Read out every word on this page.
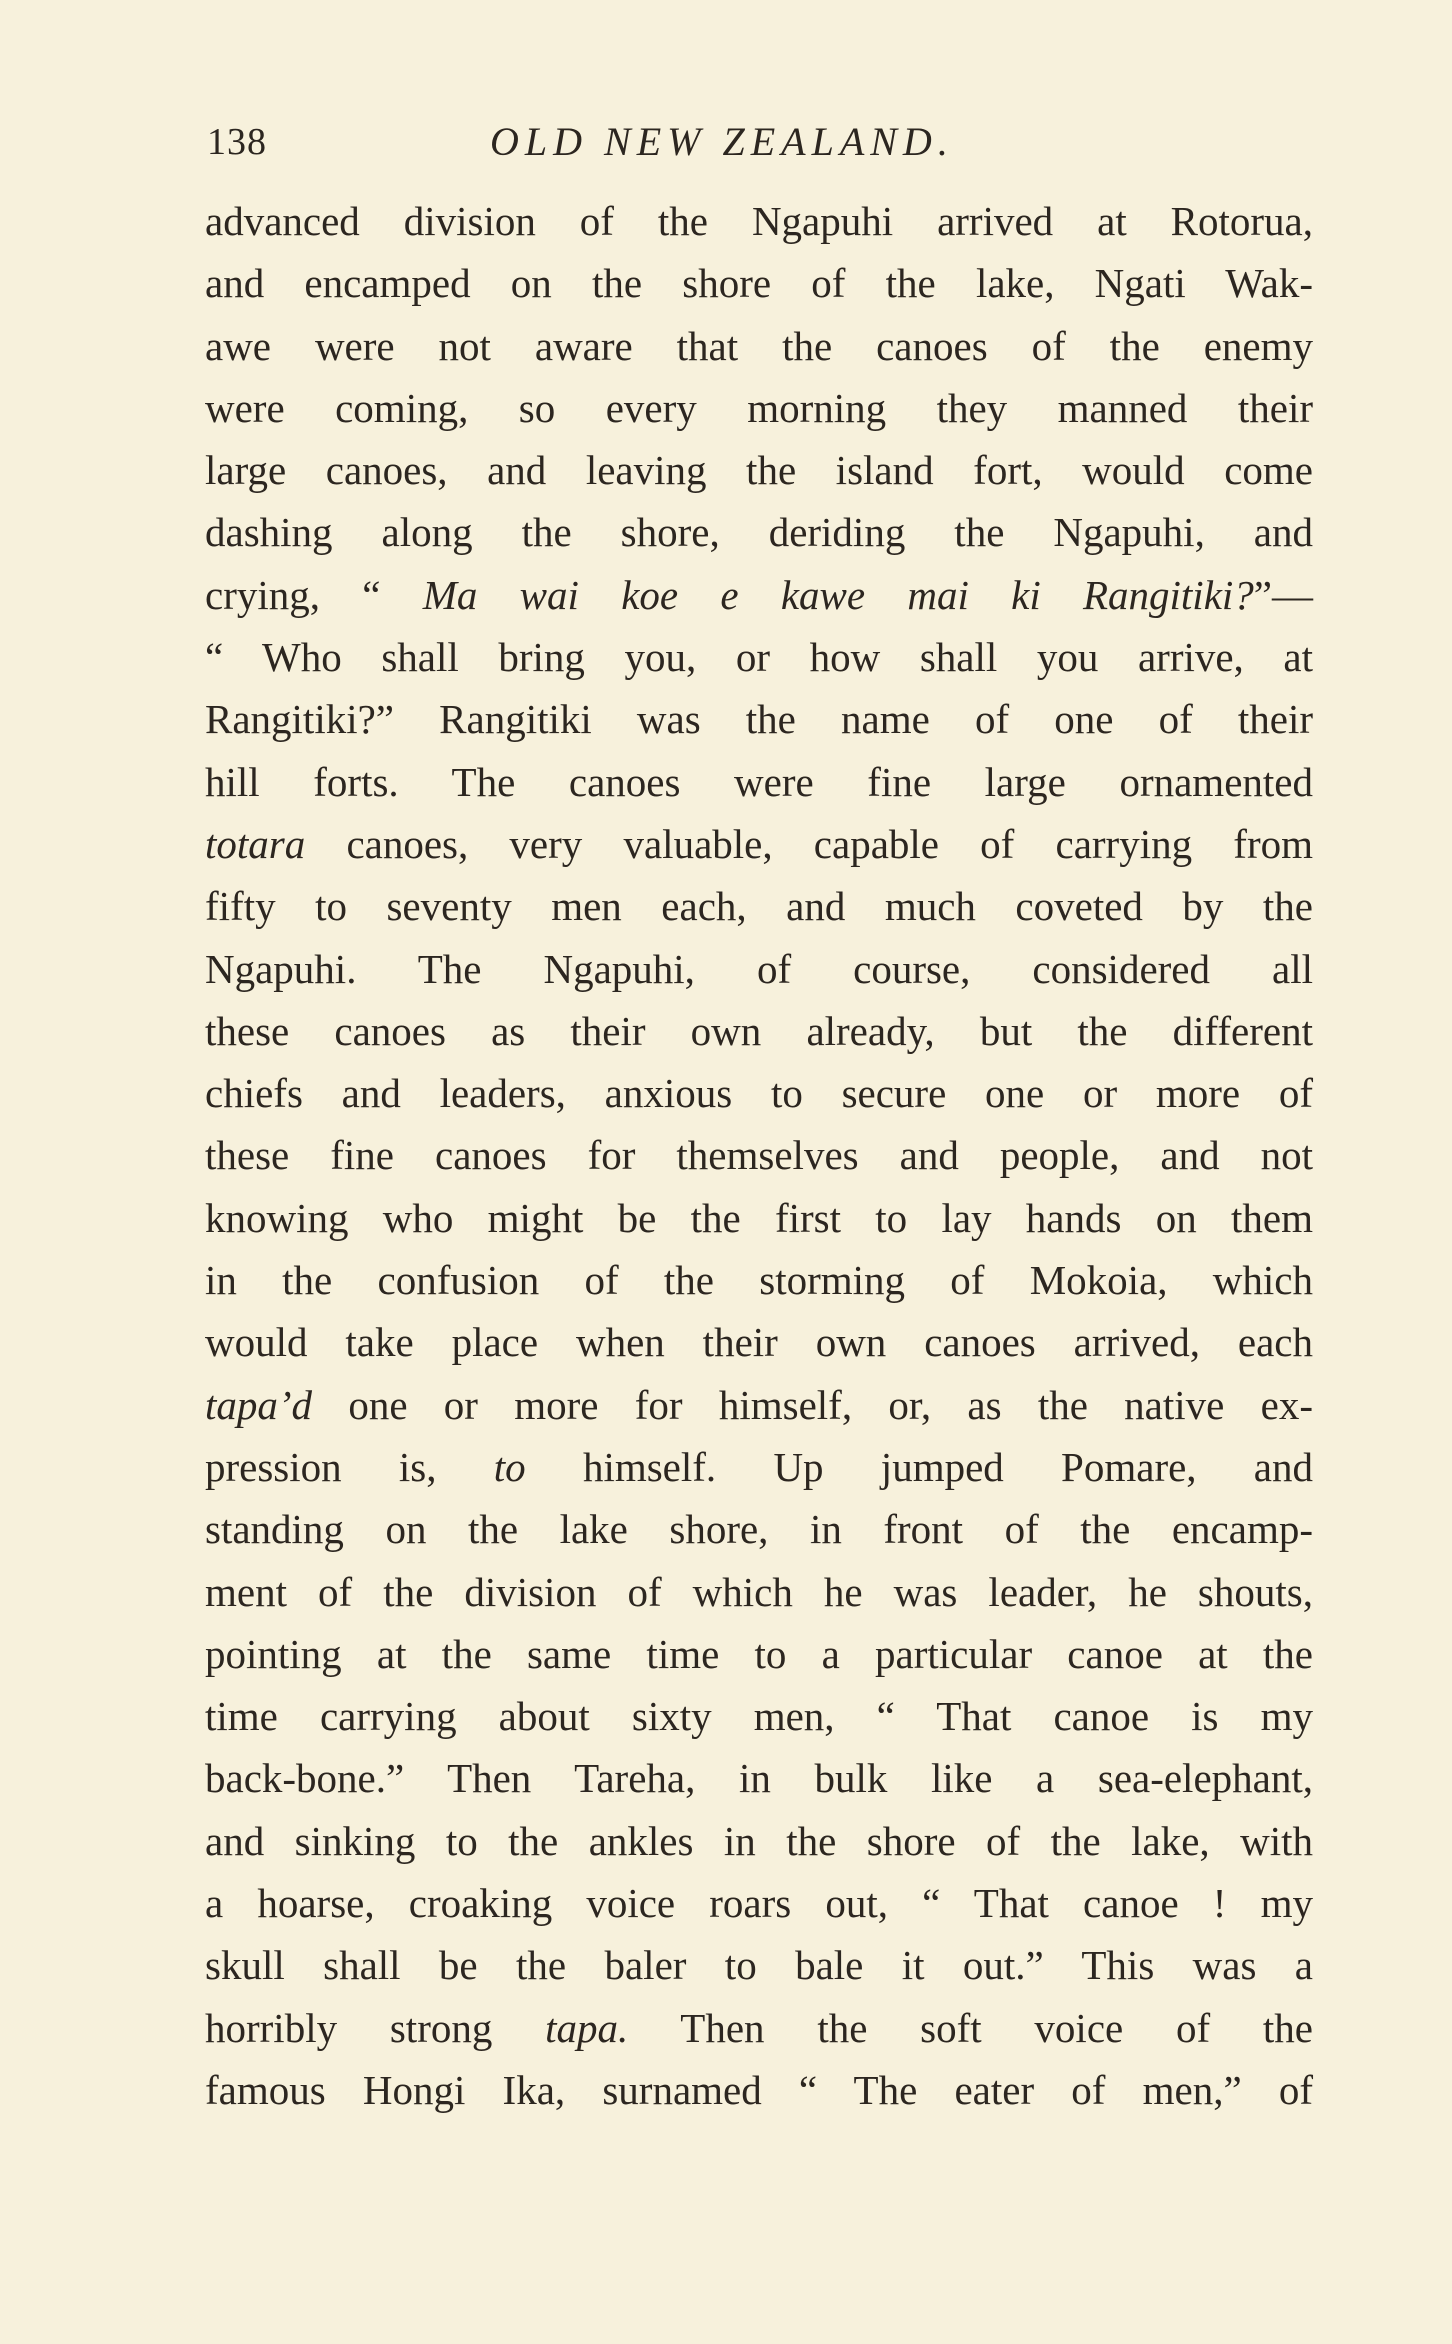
138	OLD NEW ZEALAND.
advanced division of the Ngapuhi arrived at Rotorua,
and encamped on the shore of the lake, Ngati Wak-
awe were not aware that the canoes of the enemy
were coming, so every morning they manned their
large canoes, and leaving the island fort, would come
dashing along the shore, deriding the Ngapuhi, and
crying, “ Ma wai koe e kawe mai ki Rangitiki?”—
“ Who shall bring you, or how shall you arrive, at
Rangitiki?” Rangitiki was the name of one of their
hill forts. The canoes were fine large ornamented
totara canoes, very valuable, capable of carrying from
fifty to seventy men each, and much coveted by the
Ngapuhi. The Ngapuhi, of course, considered all
these canoes as their own already, but the different
chiefs and leaders, anxious to secure one or more of
these fine canoes for themselves and people, and not
knowing who might be the first to lay hands on them
in the confusion of the storming of Mokoia, which
would take place when their own canoes arrived, each
tapa’d one or more for himself, or, as the native ex-
pression is, to himself. Up jumped Pomare, and
standing on the lake shore, in front of the encamp-
ment of the division of which he was leader, he shouts,
pointing at the same time to a particular canoe at the
time carrying about sixty men, “ That canoe is my
back-bone.” Then Tareha, in bulk like a sea-elephant,
and sinking to the ankles in the shore of the lake, with
a hoarse, croaking voice roars out, “ That canoe ! my
skull shall be the baler to bale it out.” This was a
horribly strong tapa. Then the soft voice of the
famous Hongi Ika, surnamed “ The eater of men,” of
